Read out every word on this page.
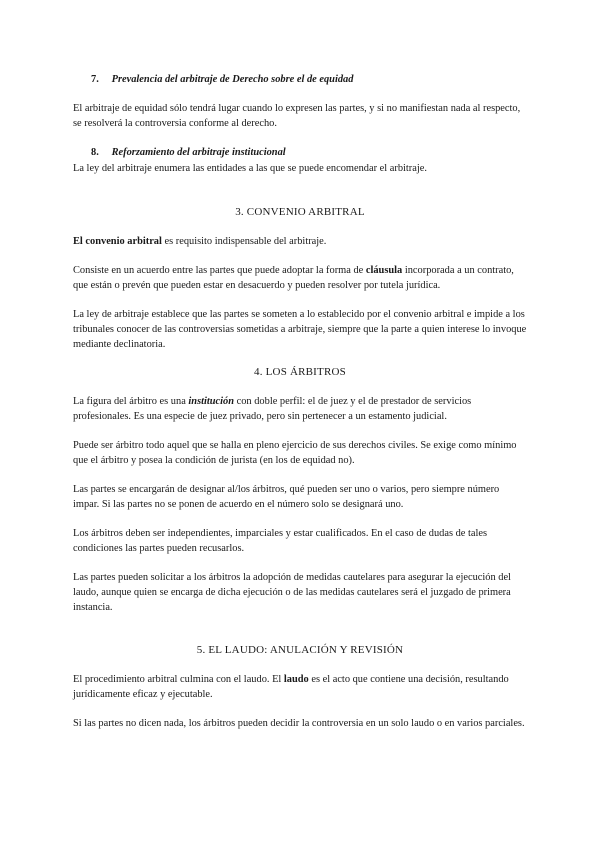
7. Prevalencia del arbitraje de Derecho sobre el de equidad

El arbitraje de equidad sólo tendrá lugar cuando lo expresen las partes, y si no manifiestan nada al respecto, se resolverá la controversia conforme al derecho.

8. Reforzamiento del arbitraje institucional

La ley del arbitraje enumera las entidades a las que se puede encomendar el arbitraje.

3. CONVENIO ARBITRAL

El convenio arbitral es requisito indispensable del arbitraje.

Consiste en un acuerdo entre las partes que puede adoptar la forma de cláusula incorporada a un contrato, que están o prevén que pueden estar en desacuerdo y pueden resolver por tutela jurídica.

La ley de arbitraje establece que las partes se someten a lo establecido por el convenio arbitral e impide a los tribunales conocer de las controversias sometidas a arbitraje, siempre que la parte a quien interese lo invoque mediante declinatoria.

4. LOS ÁRBITROS

La figura del árbitro es una institución con doble perfil: el de juez y el de prestador de servicios profesionales. Es una especie de juez privado, pero sin pertenecer a un estamento judicial.

Puede ser árbitro todo aquel que se halla en pleno ejercicio de sus derechos civiles. Se exige como mínimo que el árbitro y posea la condición de jurista (en los de equidad no).

Las partes se encargarán de designar al/los árbitros, qué pueden ser uno o varios, pero siempre número impar. Si las partes no se ponen de acuerdo en el número solo se designará uno.

Los árbitros deben ser independientes, imparciales y estar cualificados. En el caso de dudas de tales condiciones las partes pueden recusarlos.

Las partes pueden solicitar a los árbitros la adopción de medidas cautelares para asegurar la ejecución del laudo, aunque quien se encarga de dicha ejecución o de las medidas cautelares será el juzgado de primera instancia.

5. EL LAUDO: ANULACIÓN Y REVISIÓN

El procedimiento arbitral culmina con el laudo. El laudo es el acto que contiene una decisión, resultando jurídicamente eficaz y ejecutable.

Si las partes no dicen nada, los árbitros pueden decidir la controversia en un solo laudo o en varios parciales.
